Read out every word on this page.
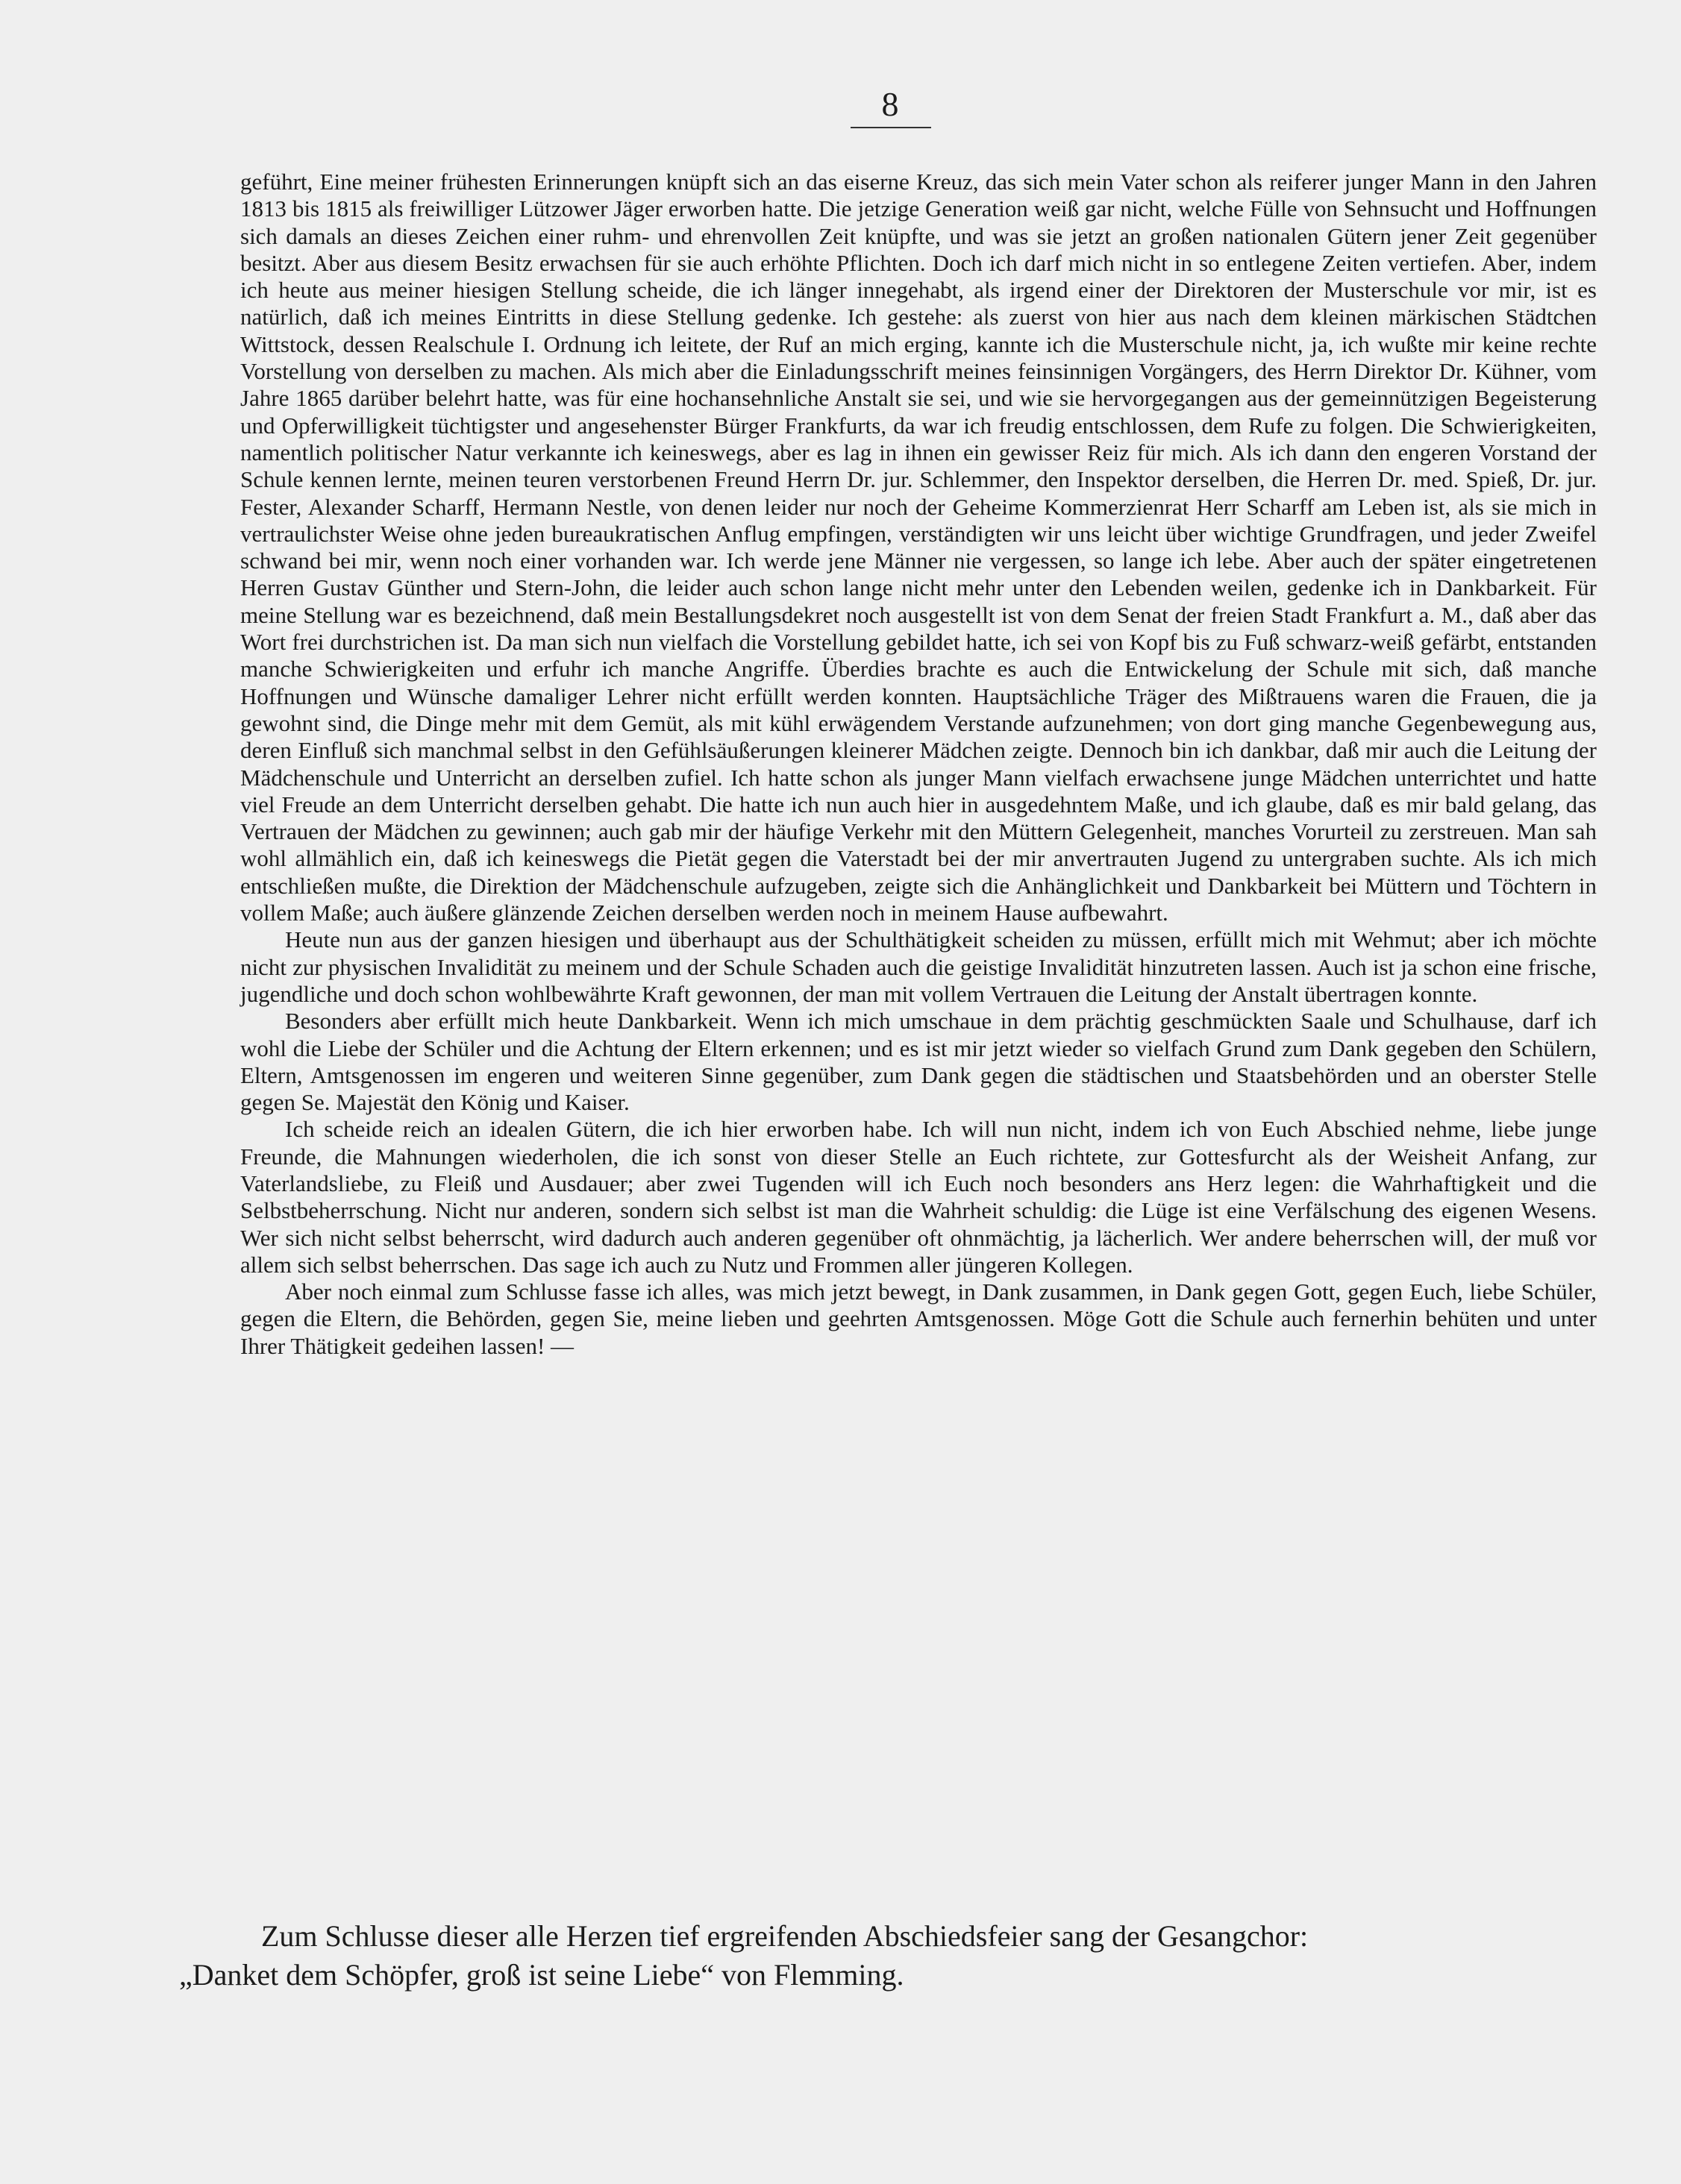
8

geführt, Eine meiner frühesten Erinnerungen knüpft sich an das eiserne Kreuz, das sich mein Vater schon als reiferer junger Mann in den Jahren 1813 bis 1815 als freiwilliger Lützower Jäger erworben hatte. Die jetzige Generation weiß gar nicht, welche Fülle von Sehnsucht und Hoffnungen sich damals an dieses Zeichen einer ruhm- und ehrenvollen Zeit knüpfte, und was sie jetzt an großen nationalen Gütern jener Zeit gegenüber besitzt. Aber aus diesem Besitz erwachsen für sie auch erhöhte Pflichten. Doch ich darf mich nicht in so entlegene Zeiten vertiefen. Aber, indem ich heute aus meiner hiesigen Stellung scheide, die ich länger innegehabt, als irgend einer der Direktoren der Musterschule vor mir, ist es natürlich, daß ich meines Eintritts in diese Stellung gedenke. Ich gestehe: als zuerst von hier aus nach dem kleinen märkischen Städtchen Wittstock, dessen Realschule I. Ordnung ich leitete, der Ruf an mich erging, kannte ich die Musterschule nicht, ja, ich wußte mir keine rechte Vorstellung von derselben zu machen. Als mich aber die Einladungsschrift meines feinsinnigen Vorgängers, des Herrn Direktor Dr. Kühner, vom Jahre 1865 darüber belehrt hatte, was für eine hochansehnliche Anstalt sie sei, und wie sie hervorgegangen aus der gemeinnützigen Begeisterung und Opferwilligkeit tüchtigster und angesehenster Bürger Frankfurts, da war ich freudig entschlossen, dem Rufe zu folgen. Die Schwierigkeiten, namentlich politischer Natur verkannte ich keineswegs, aber es lag in ihnen ein gewisser Reiz für mich. Als ich dann den engeren Vorstand der Schule kennen lernte, meinen teuren verstorbenen Freund Herrn Dr. jur. Schlemmer, den Inspektor derselben, die Herren Dr. med. Spieß, Dr. jur. Fester, Alexander Scharff, Hermann Nestle, von denen leider nur noch der Geheime Kommerzienrat Herr Scharff am Leben ist, als sie mich in vertraulichster Weise ohne jeden bureaukratischen Anflug empfingen, verständigten wir uns leicht über wichtige Grundfragen, und jeder Zweifel schwand bei mir, wenn noch einer vorhanden war. Ich werde jene Männer nie vergessen, so lange ich lebe. Aber auch der später eingetretenen Herren Gustav Günther und Stern-John, die leider auch schon lange nicht mehr unter den Lebenden weilen, gedenke ich in Dankbarkeit. Für meine Stellung war es bezeichnend, daß mein Bestallungsdekret noch ausgestellt ist von dem Senat der freien Stadt Frankfurt a. M., daß aber das Wort frei durchstrichen ist. Da man sich nun vielfach die Vorstellung gebildet hatte, ich sei von Kopf bis zu Fuß schwarz-weiß gefärbt, entstanden manche Schwierigkeiten und erfuhr ich manche Angriffe. Überdies brachte es auch die Entwickelung der Schule mit sich, daß manche Hoffnungen und Wünsche damaliger Lehrer nicht erfüllt werden konnten. Hauptsächliche Träger des Mißtrauens waren die Frauen, die ja gewohnt sind, die Dinge mehr mit dem Gemüt, als mit kühl erwägendem Verstande aufzunehmen; von dort ging manche Gegenbewegung aus, deren Einfluß sich manchmal selbst in den Gefühlsäußerungen kleinerer Mädchen zeigte. Dennoch bin ich dankbar, daß mir auch die Leitung der Mädchenschule und Unterricht an derselben zufiel. Ich hatte schon als junger Mann vielfach erwachsene junge Mädchen unterrichtet und hatte viel Freude an dem Unterricht derselben gehabt. Die hatte ich nun auch hier in ausgedehntem Maße, und ich glaube, daß es mir bald gelang, das Vertrauen der Mädchen zu gewinnen; auch gab mir der häufige Verkehr mit den Müttern Gelegenheit, manches Vorurteil zu zerstreuen. Man sah wohl allmählich ein, daß ich keineswegs die Pietät gegen die Vaterstadt bei der mir anvertrauten Jugend zu untergraben suchte. Als ich mich entschließen mußte, die Direktion der Mädchenschule aufzugeben, zeigte sich die Anhänglichkeit und Dankbarkeit bei Müttern und Töchtern in vollem Maße; auch äußere glänzende Zeichen derselben werden noch in meinem Hause aufbewahrt.

Heute nun aus der ganzen hiesigen und überhaupt aus der Schulthätigkeit scheiden zu müssen, erfüllt mich mit Wehmut; aber ich möchte nicht zur physischen Invalidität zu meinem und der Schule Schaden auch die geistige Invalidität hinzutreten lassen. Auch ist ja schon eine frische, jugendliche und doch schon wohlbewährte Kraft gewonnen, der man mit vollem Vertrauen die Leitung der Anstalt übertragen konnte.

Besonders aber erfüllt mich heute Dankbarkeit. Wenn ich mich umschaue in dem prächtig geschmückten Saale und Schulhause, darf ich wohl die Liebe der Schüler und die Achtung der Eltern erkennen; und es ist mir jetzt wieder so vielfach Grund zum Dank gegeben den Schülern, Eltern, Amtsgenossen im engeren und weiteren Sinne gegenüber, zum Dank gegen die städtischen und Staatsbehörden und an oberster Stelle gegen Se. Majestät den König und Kaiser.

Ich scheide reich an idealen Gütern, die ich hier erworben habe. Ich will nun nicht, indem ich von Euch Abschied nehme, liebe junge Freunde, die Mahnungen wiederholen, die ich sonst von dieser Stelle an Euch richtete, zur Gottesfurcht als der Weisheit Anfang, zur Vaterlandsliebe, zu Fleiß und Ausdauer; aber zwei Tugenden will ich Euch noch besonders ans Herz legen: die Wahrhaftigkeit und die Selbstbeherrschung. Nicht nur anderen, sondern sich selbst ist man die Wahrheit schuldig: die Lüge ist eine Verfälschung des eigenen Wesens. Wer sich nicht selbst beherrscht, wird dadurch auch anderen gegenüber oft ohnmächtig, ja lächerlich. Wer andere beherrschen will, der muß vor allem sich selbst beherrschen. Das sage ich auch zu Nutz und Frommen aller jüngeren Kollegen.

Aber noch einmal zum Schlusse fasse ich alles, was mich jetzt bewegt, in Dank zusammen, in Dank gegen Gott, gegen Euch, liebe Schüler, gegen die Eltern, die Behörden, gegen Sie, meine lieben und geehrten Amtsgenossen. Möge Gott die Schule auch fernerhin behüten und unter Ihrer Thätigkeit gedeihen lassen! —

Zum Schlusse dieser alle Herzen tief ergreifenden Abschiedsfeier sang der Gesangchor:

„Danket dem Schöpfer, groß ist seine Liebe“ von Flemming.
